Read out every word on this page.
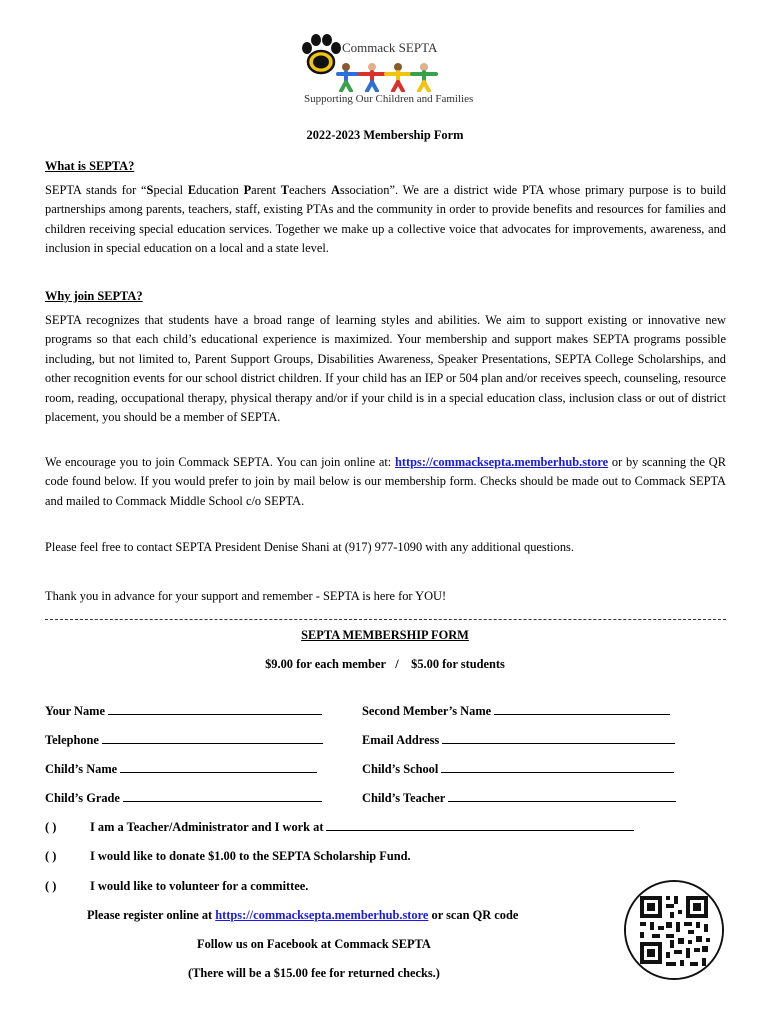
Commack SEPTA
Supporting Our Children and Families
2022-2023 Membership Form
What is SEPTA?

SEPTA stands for “Special Education Parent Teachers Association”. We are a district wide PTA whose primary purpose is to build partnerships among parents, teachers, staff, existing PTAs and the community in order to provide benefits and resources for families and children receiving special education services. Together we make up a collective voice that advocates for improvements, awareness, and inclusion in special education on a local and a state level.

Why join SEPTA?

SEPTA recognizes that students have a broad range of learning styles and abilities. We aim to support existing or innovative new programs so that each child’s educational experience is maximized. Your membership and support makes SEPTA programs possible including, but not limited to, Parent Support Groups, Disabilities Awareness, Speaker Presentations, SEPTA College Scholarships, and other recognition events for our school district children. If your child has an IEP or 504 plan and/or receives speech, counseling, resource room, reading, occupational therapy, physical therapy and/or if your child is in a special education class, inclusion class or out of district placement, you should be a member of SEPTA.

We encourage you to join Commack SEPTA. You can join online at: https://commacksepta.memberhub.store or by scanning the QR code found below. If you would prefer to join by mail below is our membership form. Checks should be made out to Commack SEPTA and mailed to Commack Middle School c/o SEPTA.

Please feel free to contact SEPTA President Denise Shani at (917) 977-1090 with any additional questions.
Thank you in advance for your support and remember - SEPTA is here for YOU!
SEPTA MEMBERSHIP FORM
$9.00 for each member / $5.00 for students
Your Name	Second Member’s Name
Telephone	Email Address
Child’s Name	Child’s School
Child’s Grade	Child’s Teacher
( )	I am a Teacher/Administrator and I work at
( )	I would like to donate $1.00 to the SEPTA Scholarship Fund.
( )	I would like to volunteer for a committee.
Please register online at https://commacksepta.memberhub.store or scan QR code
Follow us on Facebook at Commack SEPTA
(There will be a $15.00 fee for returned checks.)
